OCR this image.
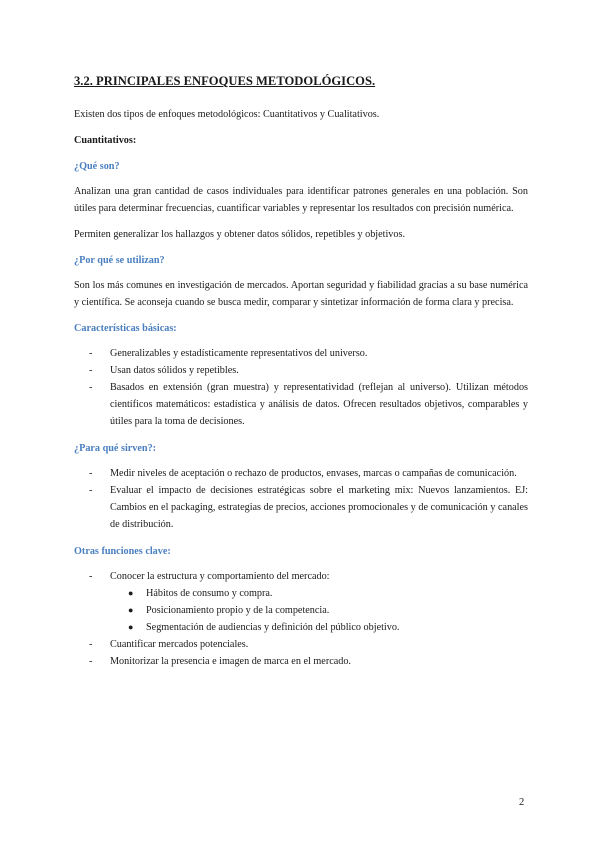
3.2. PRINCIPALES ENFOQUES METODOLÓGICOS.

Existen dos tipos de enfoques metodológicos: Cuantitativos y Cualitativos.

Cuantitativos:

¿Qué son?

Analizan una gran cantidad de casos individuales para identificar patrones generales en una población. Son útiles para determinar frecuencias, cuantificar variables y representar los resultados con precisión numérica.

Permiten generalizar los hallazgos y obtener datos sólidos, repetibles y objetivos.

¿Por qué se utilizan?

Son los más comunes en investigación de mercados. Aportan seguridad y fiabilidad gracias a su base numérica y científica. Se aconseja cuando se busca medir, comparar y sintetizar información de forma clara y precisa.

Características básicas:
- Generalizables y estadísticamente representativos del universo.
- Usan datos sólidos y repetibles.
- Basados en extensión (gran muestra) y representatividad (reflejan al universo). Utilizan métodos científicos matemáticos: estadística y análisis de datos. Ofrecen resultados objetivos, comparables y útiles para la toma de decisiones.
¿Para qué sirven?:
- Medir niveles de aceptación o rechazo de productos, envases, marcas o campañas de comunicación.
- Evaluar el impacto de decisiones estratégicas sobre el marketing mix: Nuevos lanzamientos. EJ: Cambios en el packaging, estrategias de precios, acciones promocionales y de comunicación y canales de distribución.
Otras funciones clave:
- Conocer la estructura y comportamiento del mercado:
● Hábitos de consumo y compra.
● Posicionamiento propio y de la competencia.
● Segmentación de audiencias y definición del público objetivo.
- Cuantificar mercados potenciales.
- Monitorizar la presencia e imagen de marca en el mercado.
2
